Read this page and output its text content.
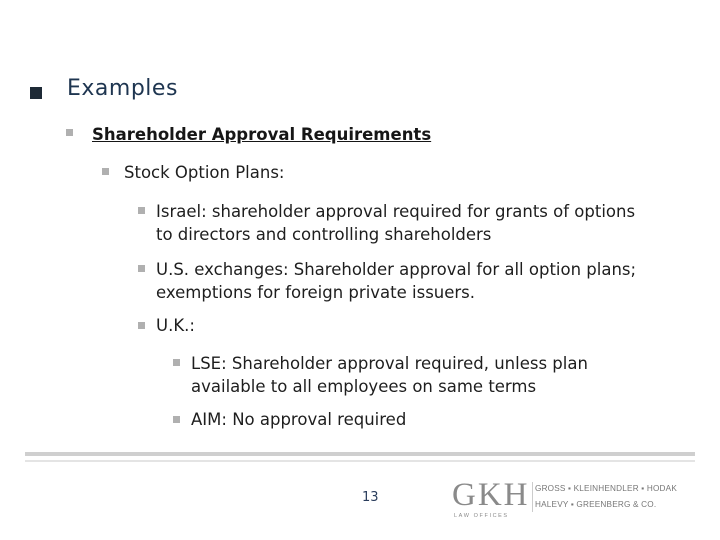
Examples
Shareholder Approval Requirements
Stock Option Plans:
Israel: shareholder approval required for grants of options to directors and controlling shareholders
U.S. exchanges: Shareholder approval for all option plans; exemptions for foreign private issuers.
U.K.:
LSE: Shareholder approval required, unless plan available to all employees on same terms
AIM: No approval required
13 GKH
LAW OFFICES
GROSS ▪ KLEINHENDLER ▪ HODAK
HALEVY ▪ GREENBERG & CO.
